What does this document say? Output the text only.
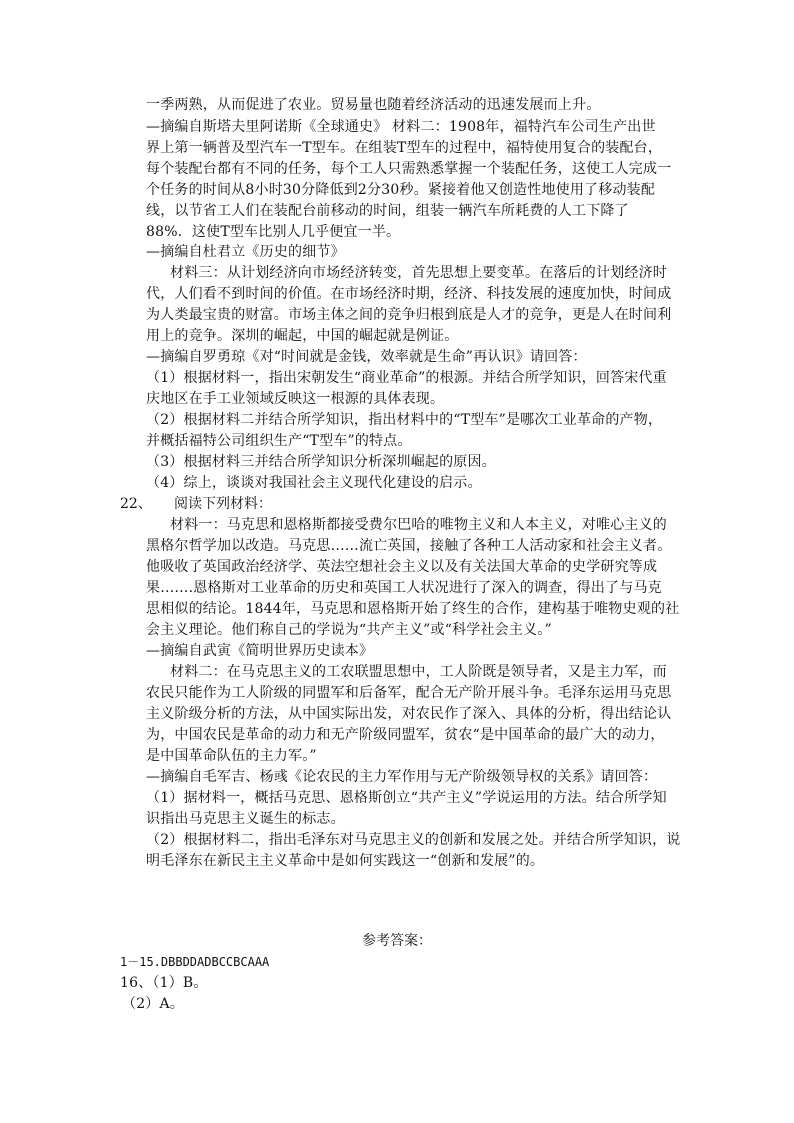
一季两熟，从而促进了农业。贸易量也随着经济活动的迅速发展而上升。
—摘编自斯塔夫里阿诺斯《全球通史》 材料二：1908年，福特汽车公司生产出世
界上第一辆普及型汽车一T型车。在组装T型车的过程中，福特使用复合的装配台，
每个装配台都有不同的任务，每个工人只需熟悉掌握一个装配任务，这使工人完成一
个任务的时间从8小时30分降低到2分30秒。紧接着他又创造性地使用了移动装配
线，以节省工人们在装配台前移动的时间，组装一辆汽车所耗费的人工下降了
88%．这使T型车比别人几乎便宜一半。
—摘编自杜君立《历史的细节》
材料三：从计划经济向市场经济转变，首先思想上要变革。在落后的计划经济时
代，人们看不到时间的价值。在市场经济时期，经济、科技发展的速度加快，时间成
为人类最宝贵的财富。市场主体之间的竞争归根到底是人才的竞争，更是人在时间利
用上的竞争。深圳的崛起，中国的崛起就是例证。
—摘编自罗勇琼《对“时间就是金钱，效率就是生命”再认识》请回答：
（1）根据材料一，指出宋朝发生“商业革命”的根源。并结合所学知识，回答宋代重
庆地区在手工业领域反映这一根源的具体表现。
（2）根据材料二并结合所学知识，指出材料中的“T型车”是哪次工业革命的产物，
并概括福特公司组织生产“T型车”的特点。
（3）根据材料三并结合所学知识分析深圳崛起的原因。
（4）综上，谈谈对我国社会主义现代化建设的启示。
22、 阅读下列材料：
材料一：马克思和恩格斯都接受费尔巴哈的唯物主义和人本主义，对唯心主义的
黑格尔哲学加以改造。马克思……流亡英国，接触了各种工人活动家和社会主义者。
他吸收了英国政治经济学、英法空想社会主义以及有关法国大革命的史学研究等成
果…….恩格斯对工业革命的历史和英国工人状况进行了深入的调查，得出了与马克
思相似的结论。1844年，马克思和恩格斯开始了终生的合作，建构基于唯物史观的社
会主义理论。他们称自己的学说为“共产主义”或“科学社会主义。”
—摘编自武寅《简明世界历史读本》
材料二：在马克思主义的工农联盟思想中，工人阶既是领导者，又是主力军，而
农民只能作为工人阶级的同盟军和后备军，配合无产阶开展斗争。毛泽东运用马克思
主义阶级分析的方法，从中国实际出发，对农民作了深入、具体的分析，得出结论认
为，中国农民是革命的动力和无产阶级同盟军，贫农“是中国革命的最广大的动力，
是中国革命队伍的主力军。”
—摘编自毛军吉、杨彧《论农民的主力军作用与无产阶级领导权的关系》请回答：
（1）据材料一，概括马克思、恩格斯创立“共产主义”学说运用的方法。结合所学知
识指出马克思主义诞生的标志。
（2）根据材料二，指出毛泽东对马克思主义的创新和发展之处。并结合所学知识，说
明毛泽东在新民主主义革命中是如何实践这一“创新和发展”的。
参考答案：
1－15.DBBDDADBCCBCAAA
16、（1）B。
（2）A。
